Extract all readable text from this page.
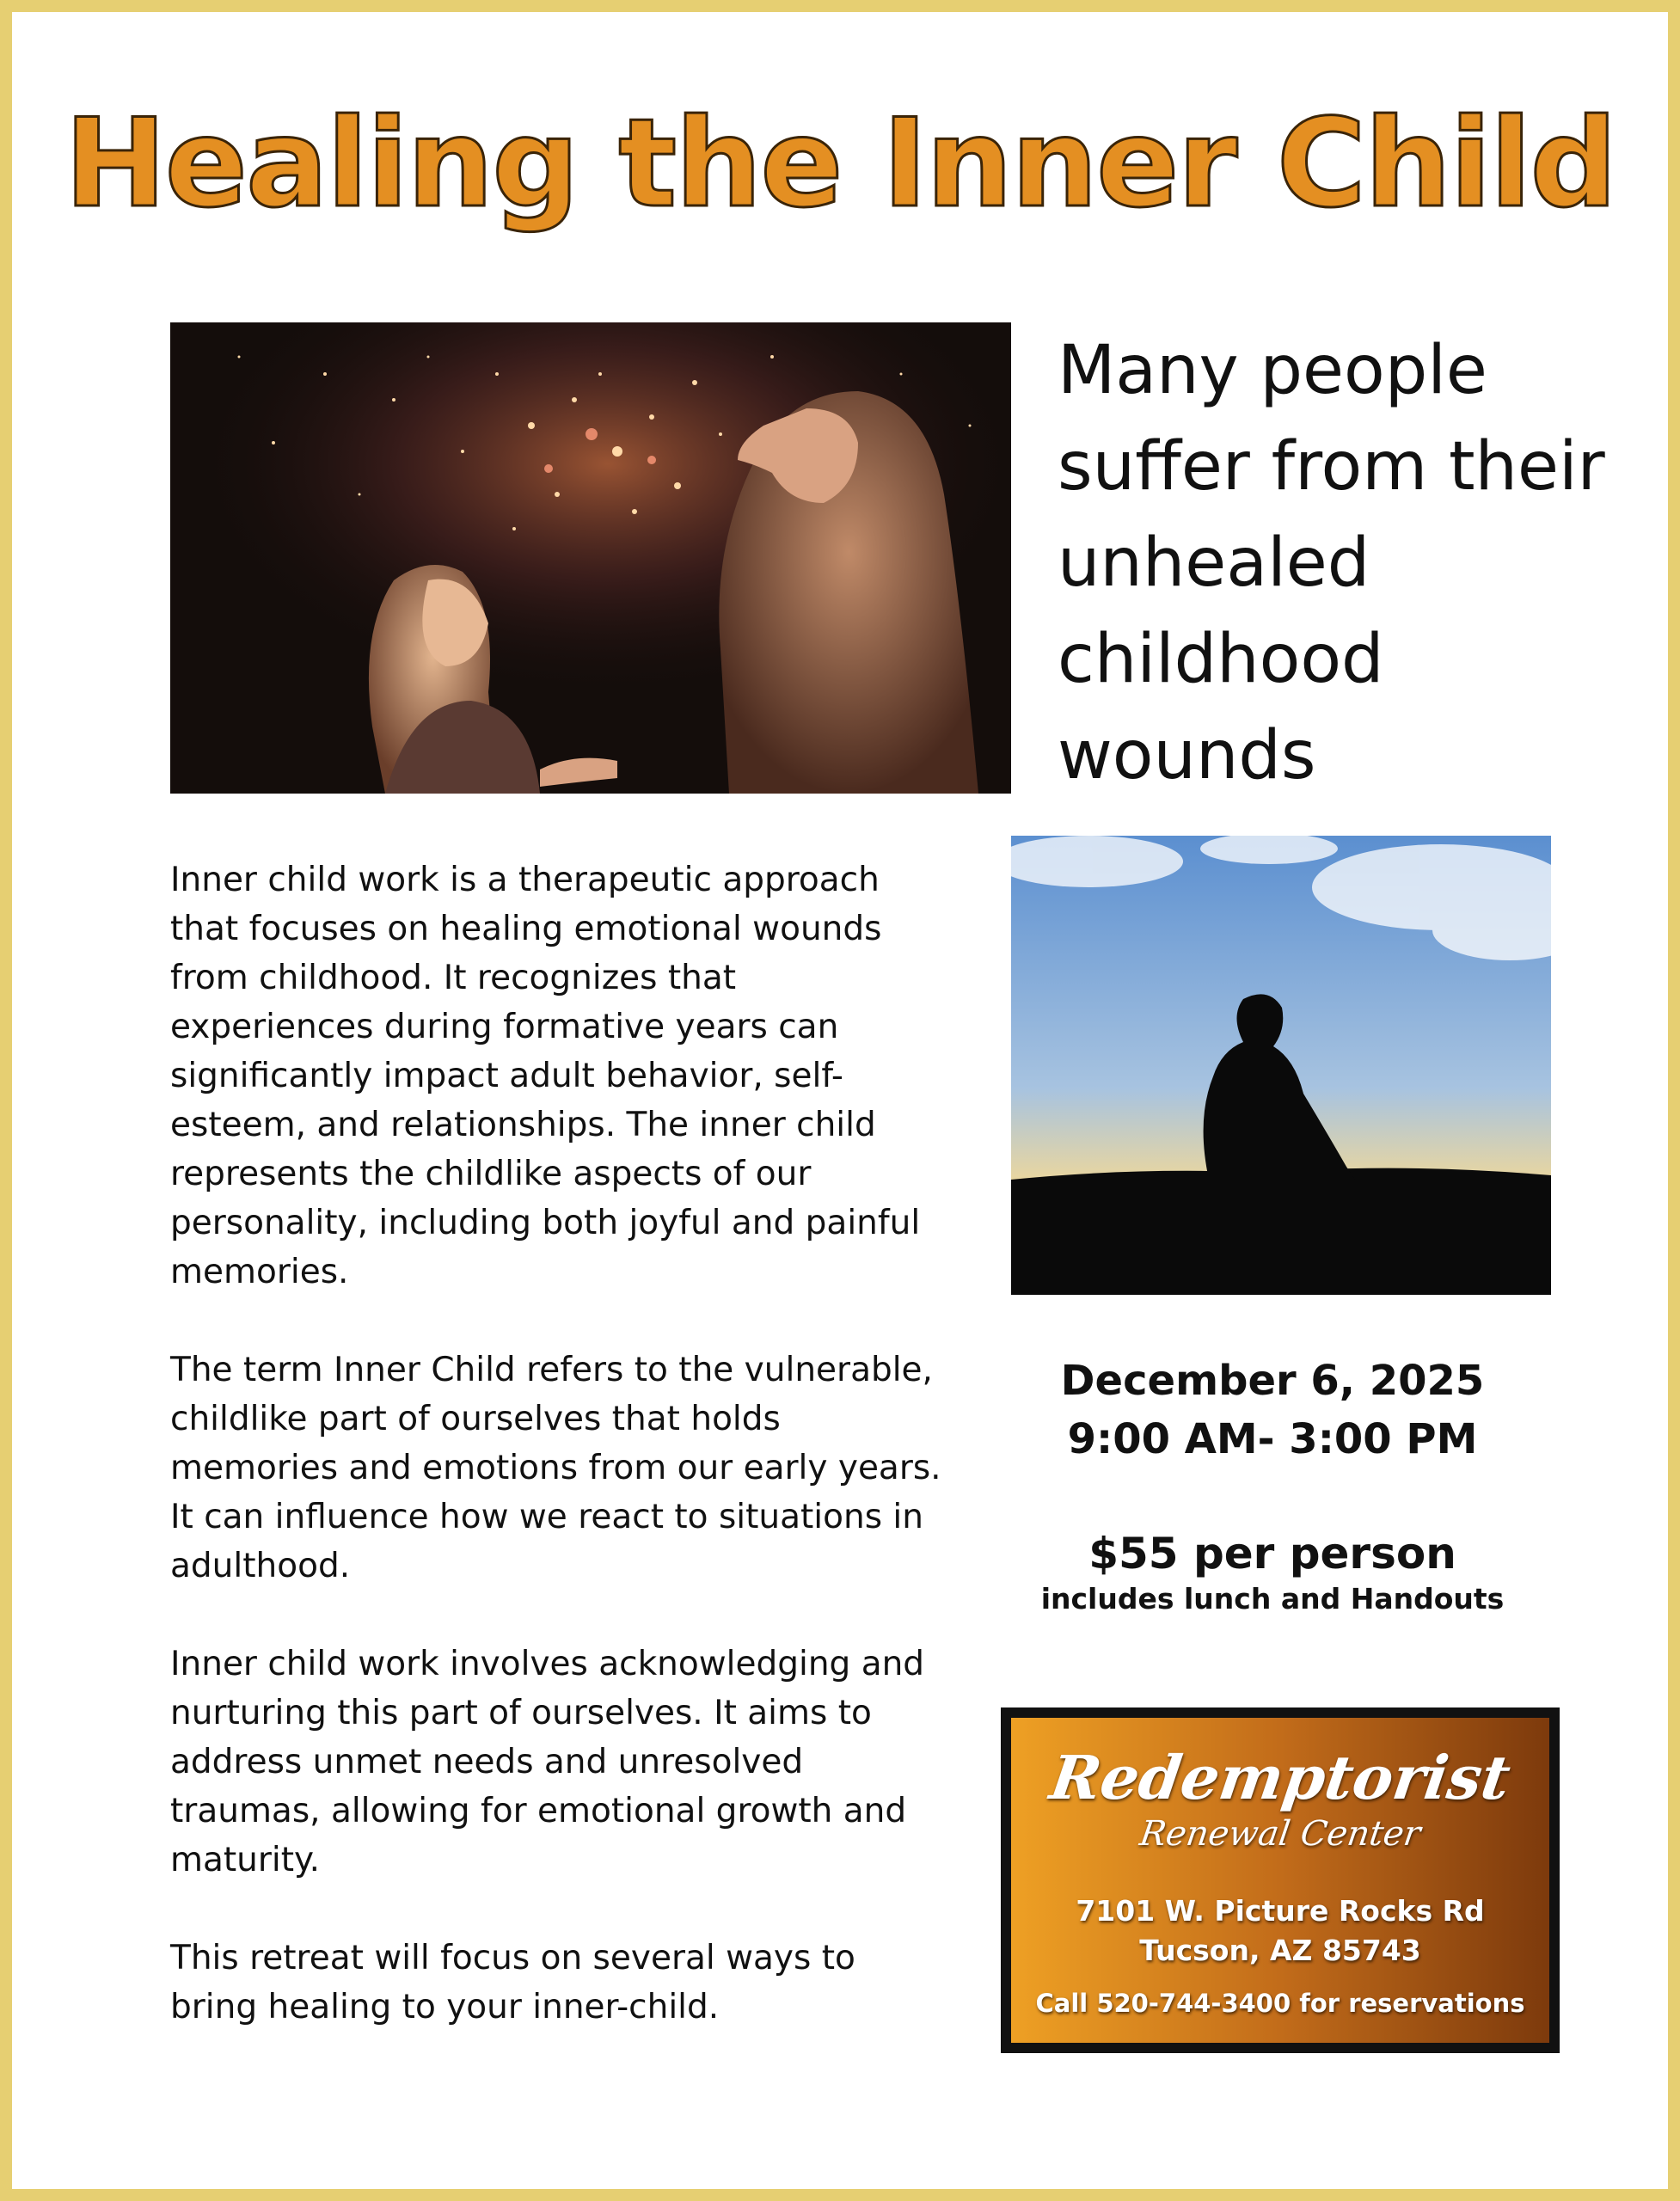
Healing the Inner Child
Many people suffer from their unhealed childhood wounds

Inner child work is a therapeutic approach that focuses on healing emotional wounds from childhood. It recognizes that experiences during formative years can significantly impact adult behavior, self-esteem, and relationships. The inner child represents the childlike aspects of our personality, including both joyful and painful memories.

The term Inner Child refers to the vulnerable, childlike part of ourselves that holds memories and emotions from our early years. It can influence how we react to situations in adulthood.

Inner child work involves acknowledging and nurturing this part of ourselves. It aims to address unmet needs and unresolved traumas, allowing for emotional growth and maturity.

This retreat will focus on several ways to bring healing to your inner-child.

December 6, 2025
9:00 AM- 3:00 PM
$55 per person
includes lunch and Handouts
Redemptorist
Renewal Center
7101 W. Picture Rocks Rd
Tucson, AZ 85743
Call 520-744-3400 for reservations
